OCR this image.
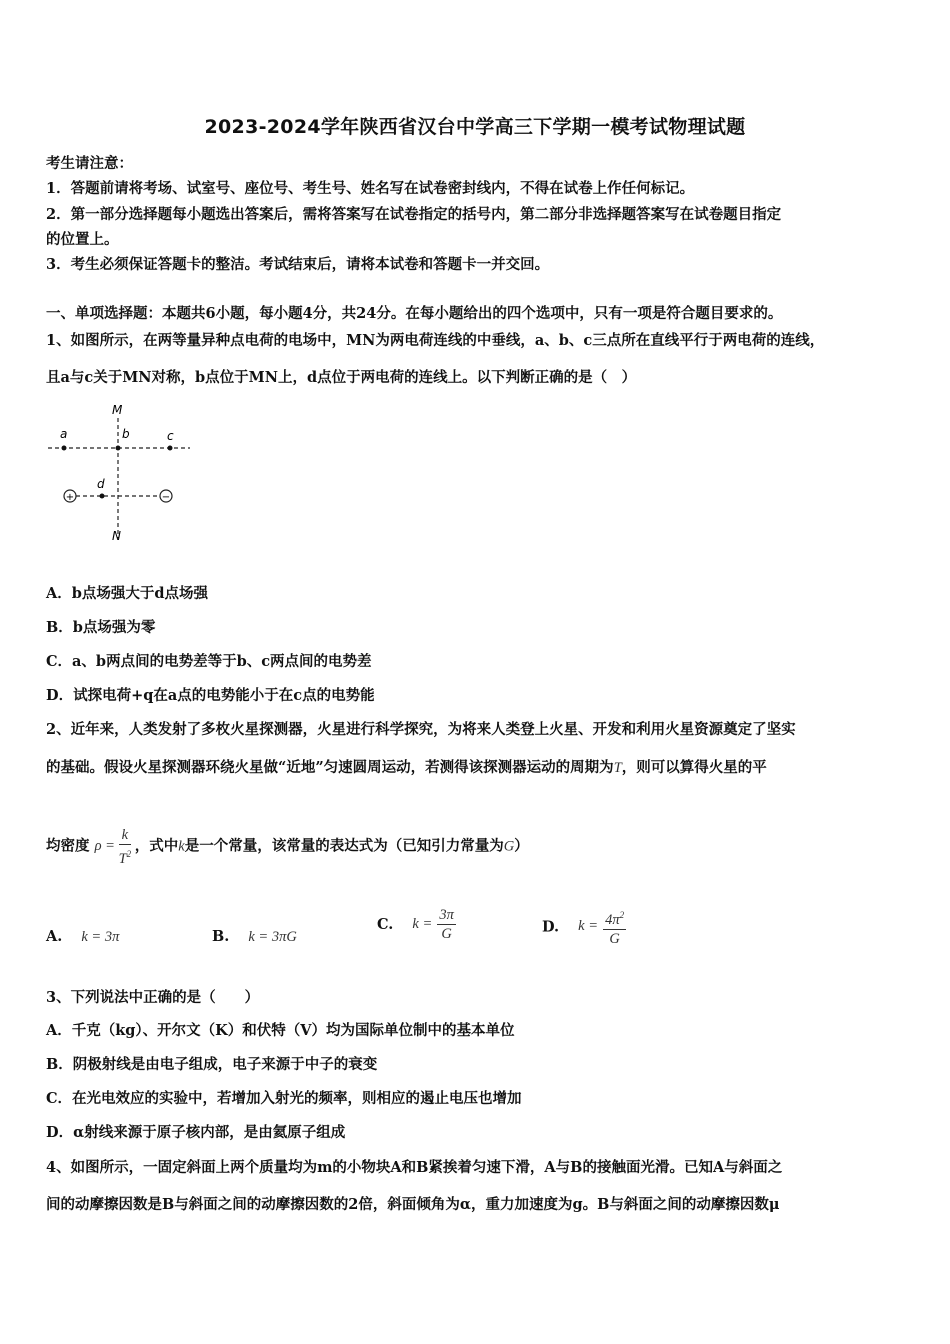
2023-2024学年陕西省汉台中学高三下学期一模考试物理试题
考生请注意：
1．答题前请将考场、试室号、座位号、考生号、姓名写在试卷密封线内，不得在试卷上作任何标记。
2．第一部分选择题每小题选出答案后，需将答案写在试卷指定的括号内，第二部分非选择题答案写在试卷题目指定
的位置上。
3．考生必须保证答题卡的整洁。考试结束后，请将本试卷和答题卡一并交回。
一、单项选择题：本题共6小题，每小题4分，共24分。在每小题给出的四个选项中，只有一项是符合题目要求的。
1、如图所示，在两等量异种点电荷的电场中，MN为两电荷连线的中垂线，a、b、c三点所在直线平行于两电荷的连线，
且a与c关于MN对称，b点位于MN上，d点位于两电荷的连线上。以下判断正确的是（　）
+	−
M
N
a	b	c
d
A．b点场强大于d点场强
B．b点场强为零
C．a、b两点间的电势差等于b、c两点间的电势差
D．试探电荷+q在a点的电势能小于在c点的电势能
2、近年来，人类发射了多枚火星探测器，火星进行科学探究，为将来人类登上火星、开发和利用火星资源奠定了坚实
的基础。假设火星探测器环绕火星做“近地”匀速圆周运动，若测得该探测器运动的周期为T，则可以算得火星的平
均密度 $\rho = \frac{k}{T^2}$ ，式中k是一个常量，该常量的表达式为（已知引力常量为G）
A. k = 3π	B. k = 3πG
C. $k = \frac{3\pi}{G}$	D. $k = \frac{4\pi^2}{G}$
3、下列说法中正确的是（　　）
A．千克（kg）、开尔文（K）和伏特（V）均为国际单位制中的基本单位
B．阴极射线是由电子组成，电子来源于中子的衰变
C．在光电效应的实验中，若增加入射光的频率，则相应的遏止电压也增加
D．α射线来源于原子核内部，是由氦原子组成
4、如图所示，一固定斜面上两个质量均为m的小物块A和B紧挨着匀速下滑，A与B的接触面光滑。已知A与斜面之
间的动摩擦因数是B与斜面之间的动摩擦因数的2倍，斜面倾角为α，重力加速度为g。B与斜面之间的动摩擦因数μ
